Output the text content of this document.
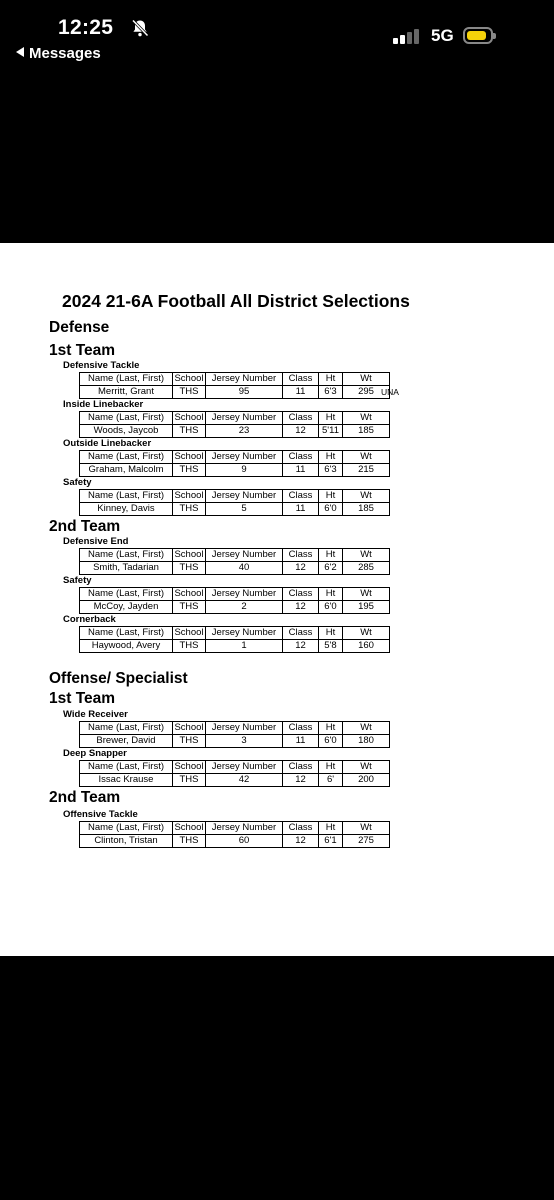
12:25
Messages
5G
2024 21-6A Football All District Selections
Defense
1st Team
Defensive Tackle
Name (Last, First)	School	Jersey Number	Class	Ht	Wt
Merritt, Grant	THS	95	11	6'3	295 UNA
Inside Linebacker
Name (Last, First)	School	Jersey Number	Class	Ht	Wt
Woods, Jaycob	THS	23	12	5'11	185
Outside Linebacker
Name (Last, First)	School	Jersey Number	Class	Ht	Wt
Graham, Malcolm	THS	9	11	6'3	215
Safety
Name (Last, First)	School	Jersey Number	Class	Ht	Wt
Kinney, Davis	THS	5	11	6'0	185
2nd Team
Defensive End
Name (Last, First)	School	Jersey Number	Class	Ht	Wt
Smith, Tadarian	THS	40	12	6'2	285
Safety
Name (Last, First)	School	Jersey Number	Class	Ht	Wt
McCoy, Jayden	THS	2	12	6'0	195
Cornerback
Name (Last, First)	School	Jersey Number	Class	Ht	Wt
Haywood, Avery	THS	1	12	5'8	160
Offense/ Specialist
1st Team
Wide Receiver
Name (Last, First)	School	Jersey Number	Class	Ht	Wt
Brewer, David	THS	3	11	6'0	180
Deep Snapper
Name (Last, First)	School	Jersey Number	Class	Ht	Wt
Issac Krause	THS	42	12	6'	200
2nd Team
Offensive Tackle
Name (Last, First)	School	Jersey Number	Class	Ht	Wt
Clinton, Tristan	THS	60	12	6'1	275
